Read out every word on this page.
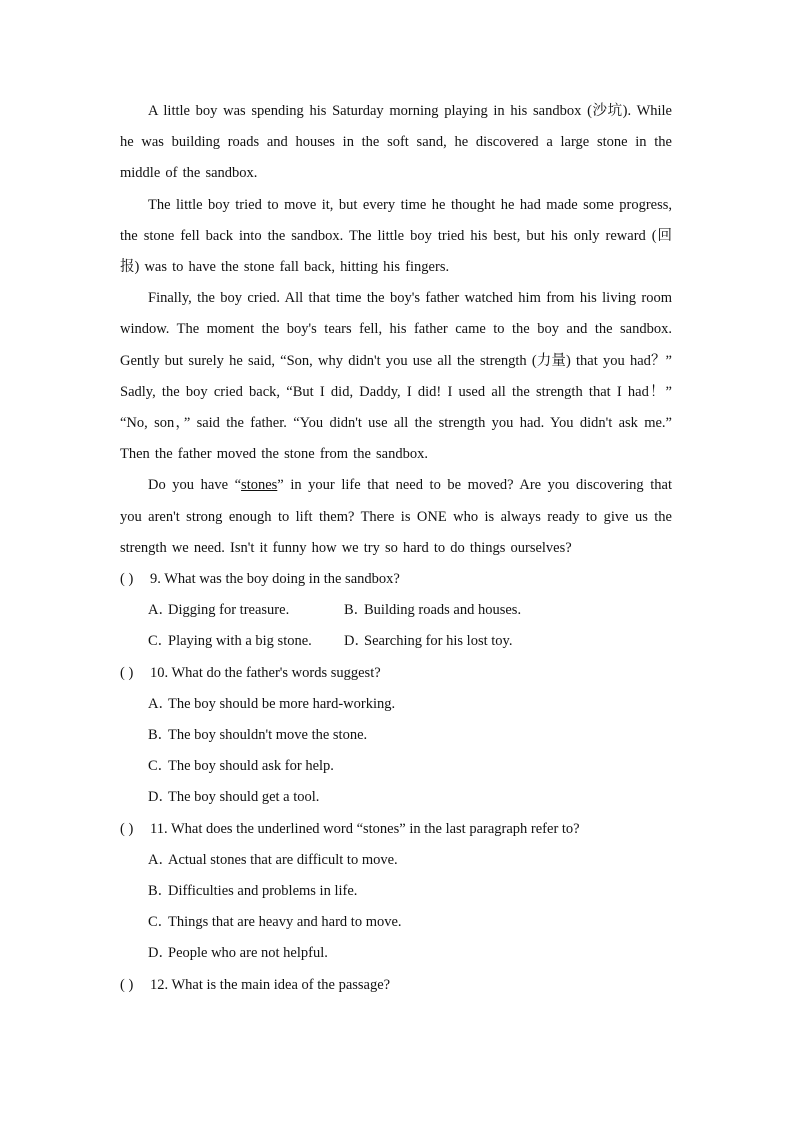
A little boy was spending his Saturday morning playing in his sandbox (沙坑). While he was building roads and houses in the soft sand, he discovered a large stone in the middle of the sandbox.

The little boy tried to move it, but every time he thought he had made some progress, the stone fell back into the sandbox. The little boy tried his best, but his only reward (回报) was to have the stone fall back, hitting his fingers.

Finally, the boy cried. All that time the boy's father watched him from his living room window. The moment the boy's tears fell, his father came to the boy and the sandbox. Gently but surely he said, “Son, why didn't you use all the strength (力量) that you had？” Sadly, the boy cried back, “But I did, Daddy, I did! I used all the strength that I had！” “No, son，” said the father. “You didn't use all the strength you had. You didn't ask me.” Then the father moved the stone from the sandbox.

Do you have “stones” in your life that need to be moved? Are you discovering that you aren't strong enough to lift them? There is ONE who is always ready to give us the strength we need. Isn't it funny how we try so hard to do things ourselves?

( ) 9. What was the boy doing in the sandbox?
A．Digging for treasure.	B．Building roads and houses.
C．Playing with a big stone. D．Searching for his lost toy.
( ) 10. What do the father's words suggest?
A．The boy should be more hard-working.
B．The boy shouldn't move the stone.
C．The boy should ask for help.
D．The boy should get a tool.
( ) 11. What does the underlined word “stones” in the last paragraph refer to?
A．Actual stones that are difficult to move.
B．Difficulties and problems in life.
C．Things that are heavy and hard to move.
D．People who are not helpful.
( ) 12. What is the main idea of the passage?
